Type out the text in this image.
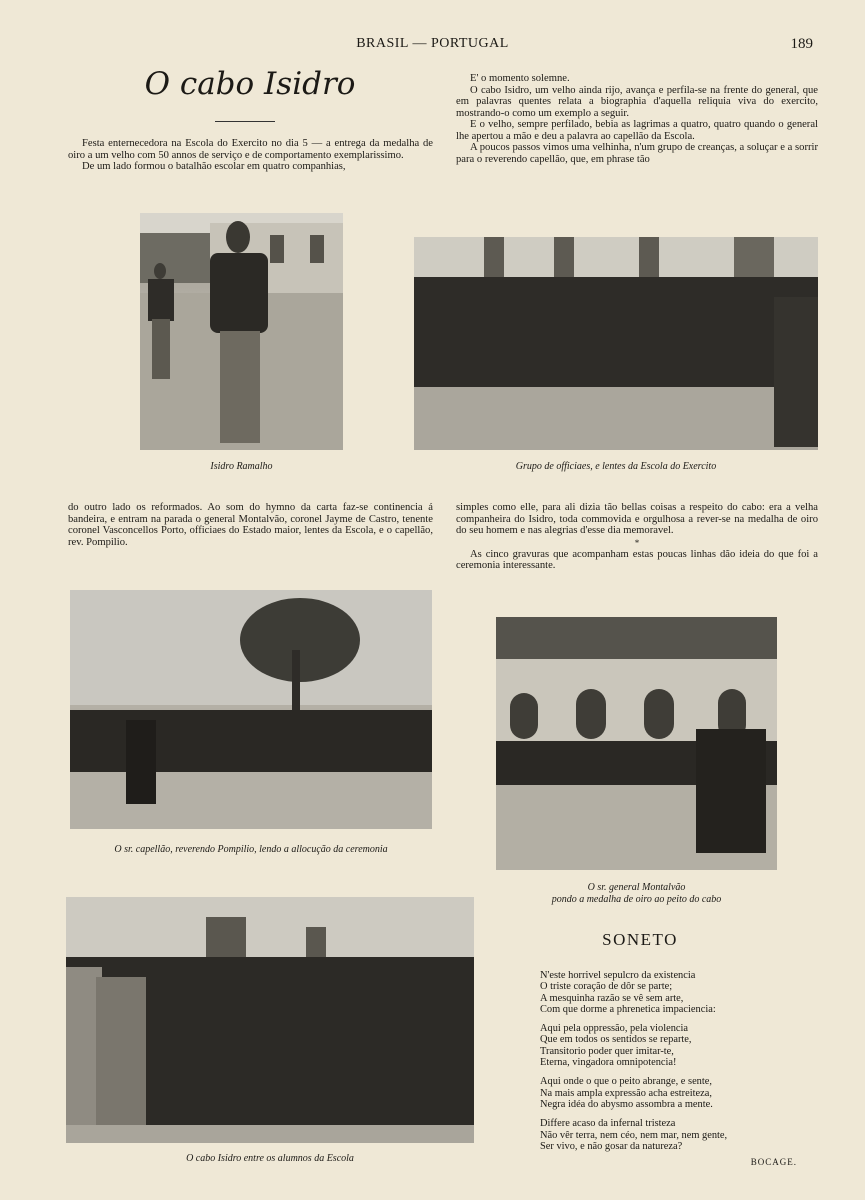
BRASIL — PORTUGAL	189
O cabo Isidro

Festa enternecedora na Escola do Exercito no dia 5 — a entrega da medalha de oiro a um velho com 50 annos de serviço e de comportamento exemplarissimo.

De um lado formou o batalhão escolar em quatro companhias,

E' o momento solemne.

O cabo Isidro, um velho ainda rijo, avança e perfila-se na frente do general, que em palavras quentes relata a biographia d'aquella reliquia viva do exercito, mostrando-o como um exemplo a seguir.

E o velho, sempre perfilado, bebia as lagrimas a quatro, quatro quando o general lhe apertou a mão e deu a palavra ao capellão da Escola.

A poucos passos vimos uma velhinha, n'um grupo de creanças, a soluçar e a sorrir para o reverendo capellão, que, em phrase tão

Isidro Ramalho	Grupo de officiaes, e lentes da Escola do Exercito

do outro lado os reformados. Ao som do hymno da carta faz-se continencia á bandeira, e entram na parada o general Montalvão, coronel Jayme de Castro, tenente coronel Vasconcellos Porto, officiaes do Estado maior, lentes da Escola, e o capellão, rev. Pompilio.

simples como elle, para ali dizia tão bellas coisas a respeito do cabo: era a velha companheira do Isidro, toda commovida e orgulhosa a rever-se na medalha de oiro do seu homem e nas alegrias d'esse dia memoravel.

*

As cinco gravuras que acompanham estas poucas linhas dão ideia do que foi a ceremonia interessante.

O sr. capellão, reverendo Pompilio, lendo a allocução da ceremonia
O sr. general Montalvão
pondo a medalha de oiro ao peito do cabo
O cabo Isidro entre os alumnos da Escola
SONETO
N'este horrivel sepulcro da existencia
O triste coração de dôr se parte;
A mesquinha razão se vê sem arte,
Com que dorme a phrenetica impaciencia:
Aqui pela oppressão, pela violencia
Que em todos os sentidos se reparte,
Transitorio poder quer imitar-te,
Eterna, vingadora omnipotencia!
Aqui onde o que o peito abrange, e sente,
Na mais ampla expressão acha estreiteza,
Negra idéa do abysmo assombra a mente.
Differe acaso da infernal tristeza
Não vêr terra, nem céo, nem mar, nem gente,
Ser vivo, e não gosar da natureza?
BOCAGE.
